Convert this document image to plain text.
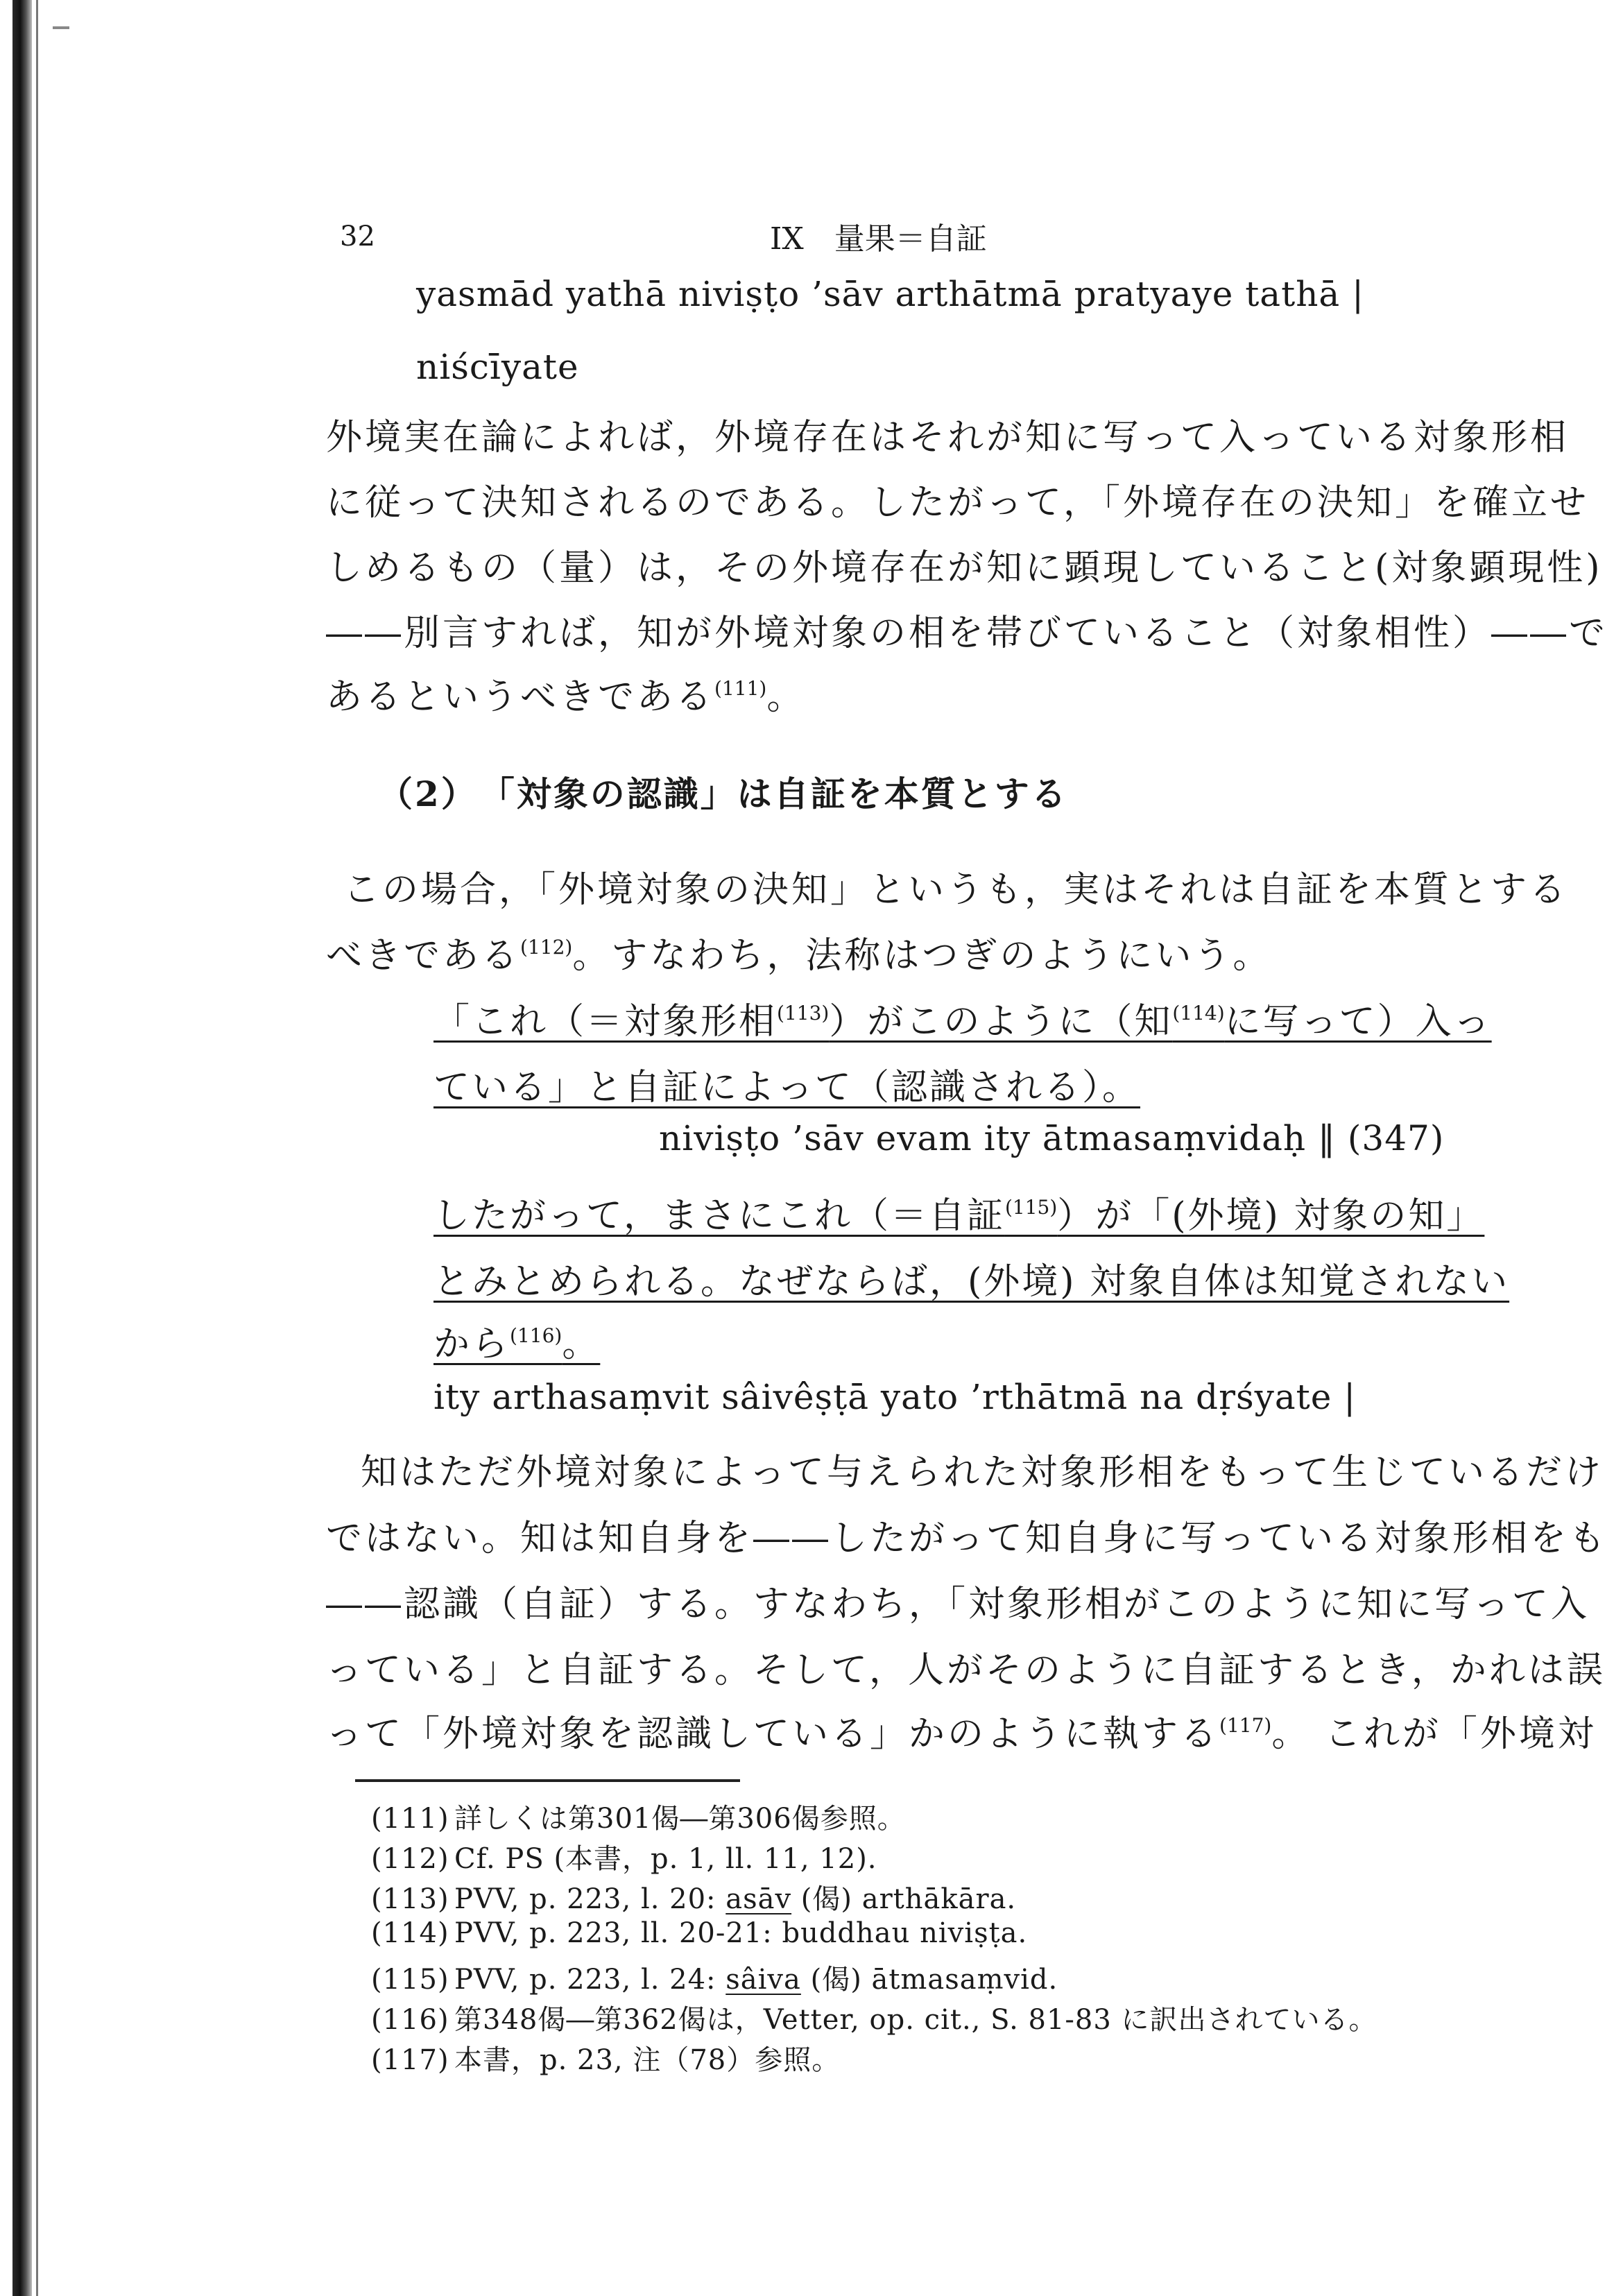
32	IX　量果＝自証
yasmād yathā niviṣṭo ’sāv arthātmā pratyaye tathā |
niścīyate
外境実在論によれば，外境存在はそれが知に写って入っている対象形相
に従って決知されるのである。したがって，「外境存在の決知」を確立せ
しめるもの（量）は，その外境存在が知に顕現していること(対象顕現性)
――別言すれば，知が外境対象の相を帯びていること（対象相性）――で
あるというべきである$^{(111)}$。
（2）　「対象の認識」は自証を本質とする
この場合，「外境対象の決知」というも，実はそれは自証を本質とする
べきである$^{(112)}$。すなわち，法称はつぎのようにいう。
「これ（＝対象形相$^{(113)}$）がこのように（知$^{(114)}$に写って）入っ
ている」と自証によって（認識される）。
niviṣṭo ’sāv evam ity ātmasaṃvidaḥ ‖ (347)
したがって，まさにこれ（＝自証$^{(115)}$）が「(外境) 対象の知」
とみとめられる。なぜならば，(外境) 対象自体は知覚されない
から$^{(116)}$。
ity arthasaṃvit sâivêṣṭā yato ’rthātmā na dṛśyate |
知はただ外境対象によって与えられた対象形相をもって生じているだけ
ではない。知は知自身を――したがって知自身に写っている対象形相をも
――認識（自証）する。すなわち，「対象形相がこのように知に写って入
っている」と自証する。そして，人がそのように自証するとき，かれは誤
って「外境対象を認識している」かのように執する$^{(117)}$。 これが「外境対
(111) 詳しくは第301偈―第306偈参照。
(112) Cf. PS (本書，p. 1, ll. 11, 12).
(113) PVV, p. 223, l. 20: asāv (偈) arthākāra.
(114) PVV, p. 223, ll. 20-21: buddhau niviṣṭa.
(115) PVV, p. 223, l. 24: sâiva (偈) ātmasaṃvid.
(116) 第348偈―第362偈は，Vetter, op. cit., S. 81-83 に訳出されている。
(117) 本書，p. 23, 注（78）参照。
